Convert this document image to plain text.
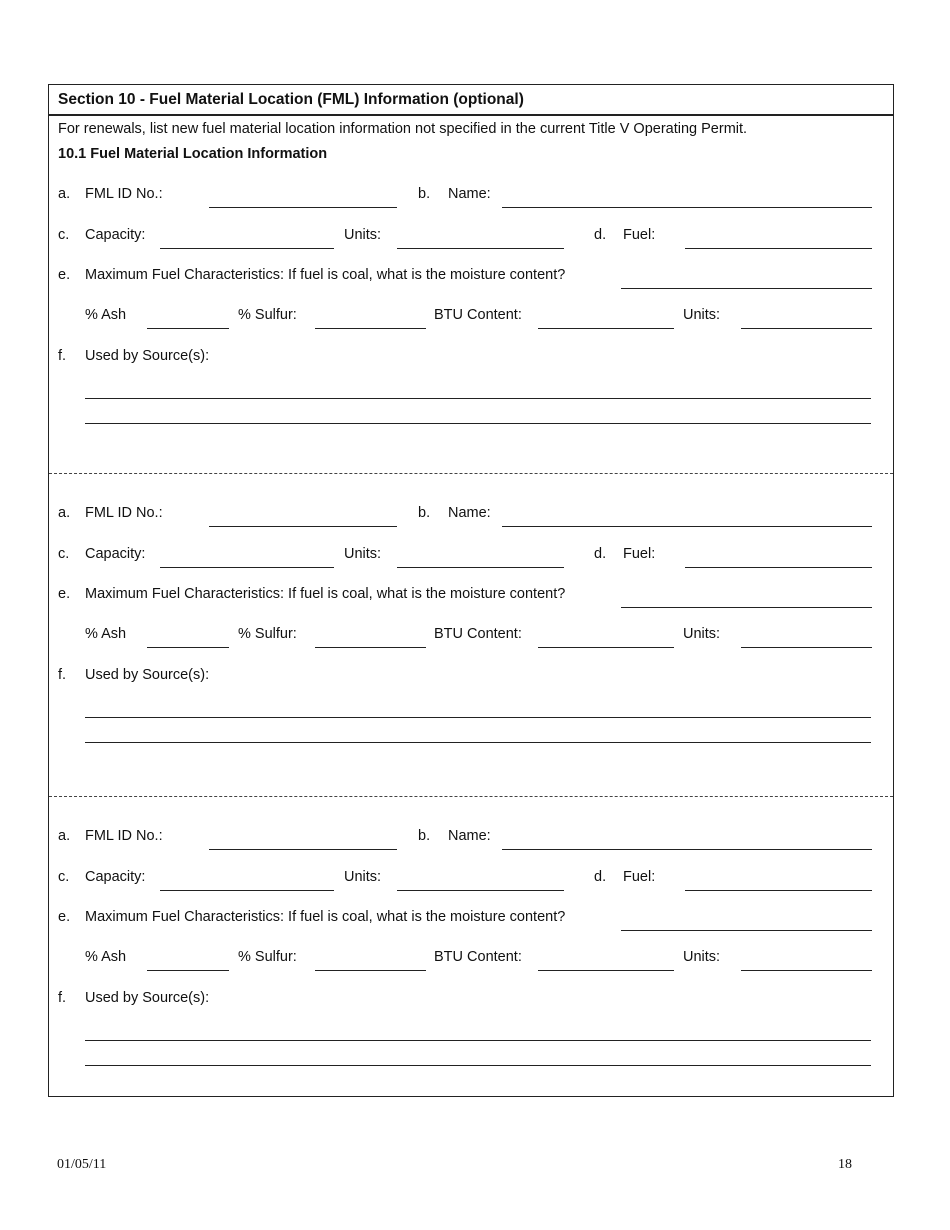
Section 10 - Fuel Material Location (FML) Information (optional)
For renewals, list new fuel material location information not specified in the current Title V Operating Permit.
10.1 Fuel Material Location Information
a. FML ID No.:	b. Name:
c. Capacity:	Units:	d. Fuel:
e. Maximum Fuel Characteristics: If fuel is coal, what is the moisture content?
% Ash	% Sulfur:	BTU Content:	Units:
f. Used by Source(s):
a. FML ID No.:	b. Name:
c. Capacity:	Units:	d. Fuel:
e. Maximum Fuel Characteristics: If fuel is coal, what is the moisture content?
% Ash	% Sulfur:	BTU Content:	Units:
f. Used by Source(s):
a. FML ID No.:	b. Name:
c. Capacity:	Units:	d. Fuel:
e. Maximum Fuel Characteristics: If fuel is coal, what is the moisture content?
% Ash	% Sulfur:	BTU Content:	Units:
f. Used by Source(s):
01/05/11	18
